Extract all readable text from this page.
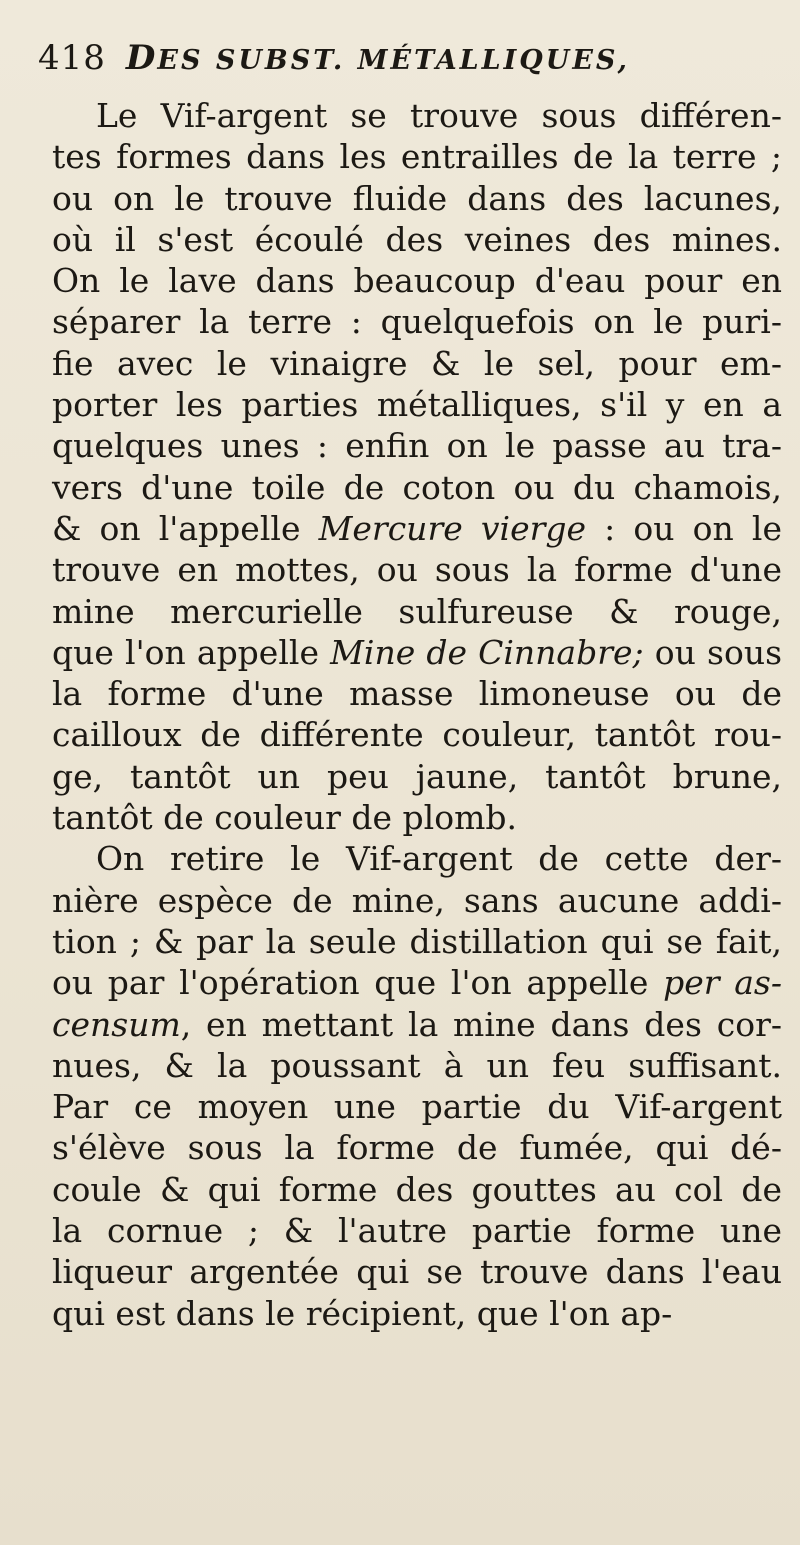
418 DES SUBST. MÉTALLIQUES,
Le Vif-argent se trouve sous différen-
tes formes dans les entrailles de la terre ;
ou on le trouve fluide dans des lacunes,
où il s'est écoulé des veines des mines.
On le lave dans beaucoup d'eau pour en
séparer la terre : quelquefois on le puri-
fie avec le vinaigre & le sel, pour em-
porter les parties métalliques, s'il y en a
quelques unes : enfin on le passe au tra-
vers d'une toile de coton ou du chamois,
& on l'appelle Mercure vierge : ou on le
trouve en mottes, ou sous la forme d'une
mine mercurielle sulfureuse & rouge,
que l'on appelle Mine de Cinnabre; ou sous
la forme d'une masse limoneuse ou de
cailloux de différente couleur, tantôt rou-
ge, tantôt un peu jaune, tantôt brune,
tantôt de couleur de plomb.
On retire le Vif-argent de cette der-
nière espèce de mine, sans aucune addi-
tion ; & par la seule distillation qui se fait,
ou par l'opération que l'on appelle per as-
censum, en mettant la mine dans des cor-
nues, & la poussant à un feu suffisant.
Par ce moyen une partie du Vif-argent
s'élève sous la forme de fumée, qui dé-
coule & qui forme des gouttes au col de
la cornue ; & l'autre partie forme une
liqueur argentée qui se trouve dans l'eau
qui est dans le récipient, que l'on ap-
